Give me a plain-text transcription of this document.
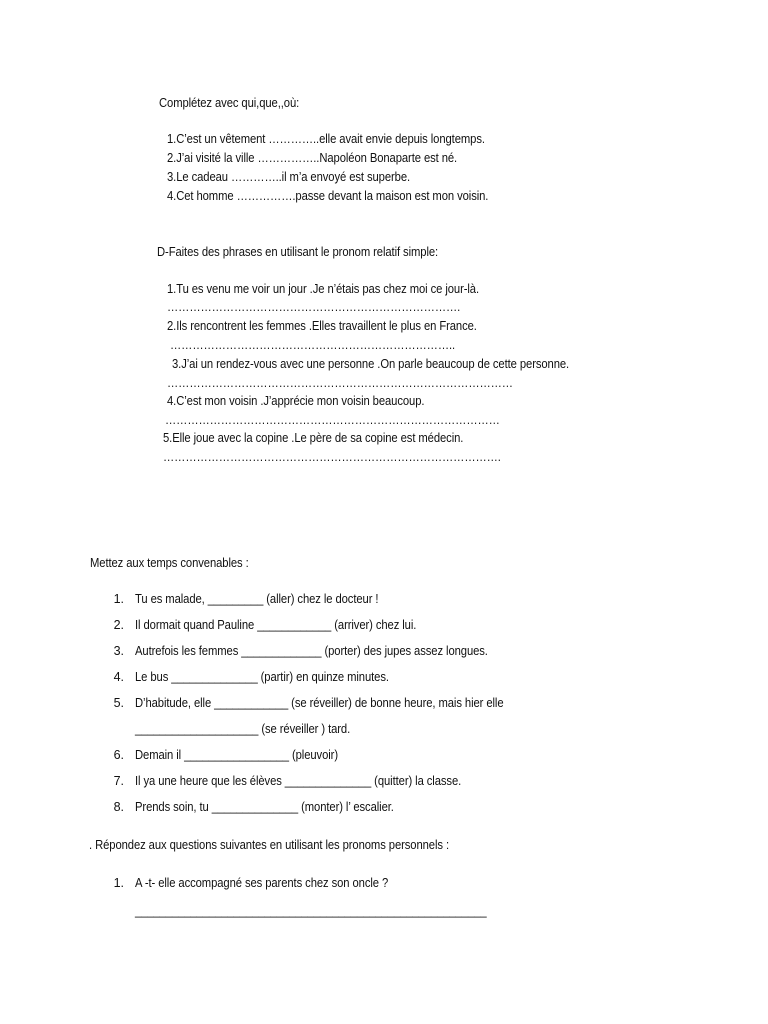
Complétez avec qui,que,,où:
1.C’est un vêtement …………..elle avait envie depuis longtemps.
2.J’ai visité la ville ……………..Napoléon Bonaparte est né.
3.Le cadeau …………..il m’a envoyé est superbe.
4.Cet homme …………….passe devant la maison est mon voisin.
D-Faites des phrases en utilisant le pronom relatif simple:
1.Tu es venu me voir un jour .Je n’étais pas chez moi ce jour-là.
…………………………………………………………………….
2.Ils rencontrent les femmes .Elles travaillent le plus en France.
…………………………………………………………………..
3.J’ai un rendez-vous avec une personne .On parle beaucoup de cette personne.
…………………………………………………………………………………
4.C’est mon voisin .J’apprécie mon voisin beaucoup.
………………………………………………………………………………
5.Elle joue avec la copine .Le père de sa copine est médecin.
……………………………………………………………………………….
Mettez aux temps convenables :
1. Tu es malade, _________ (aller) chez le docteur !
2. Il dormait quand Pauline ____________ (arriver) chez lui.
3. Autrefois les femmes _____________ (porter) des jupes assez longues.
4. Le bus ______________ (partir) en quinze minutes.
5. D’habitude, elle ____________ (se réveiller) de bonne heure, mais hier elle
____________________ (se réveiller ) tard.
6. Demain il _________________ (pleuvoir)
7. Il ya une heure que les élèves ______________ (quitter) la classe.
8. Prends soin, tu ______________ (monter) l’ escalier.
. Répondez aux questions suivantes en utilisant les pronoms personnels :
1. A -t- elle accompagné ses parents chez son oncle ?
_________________________________________________________
